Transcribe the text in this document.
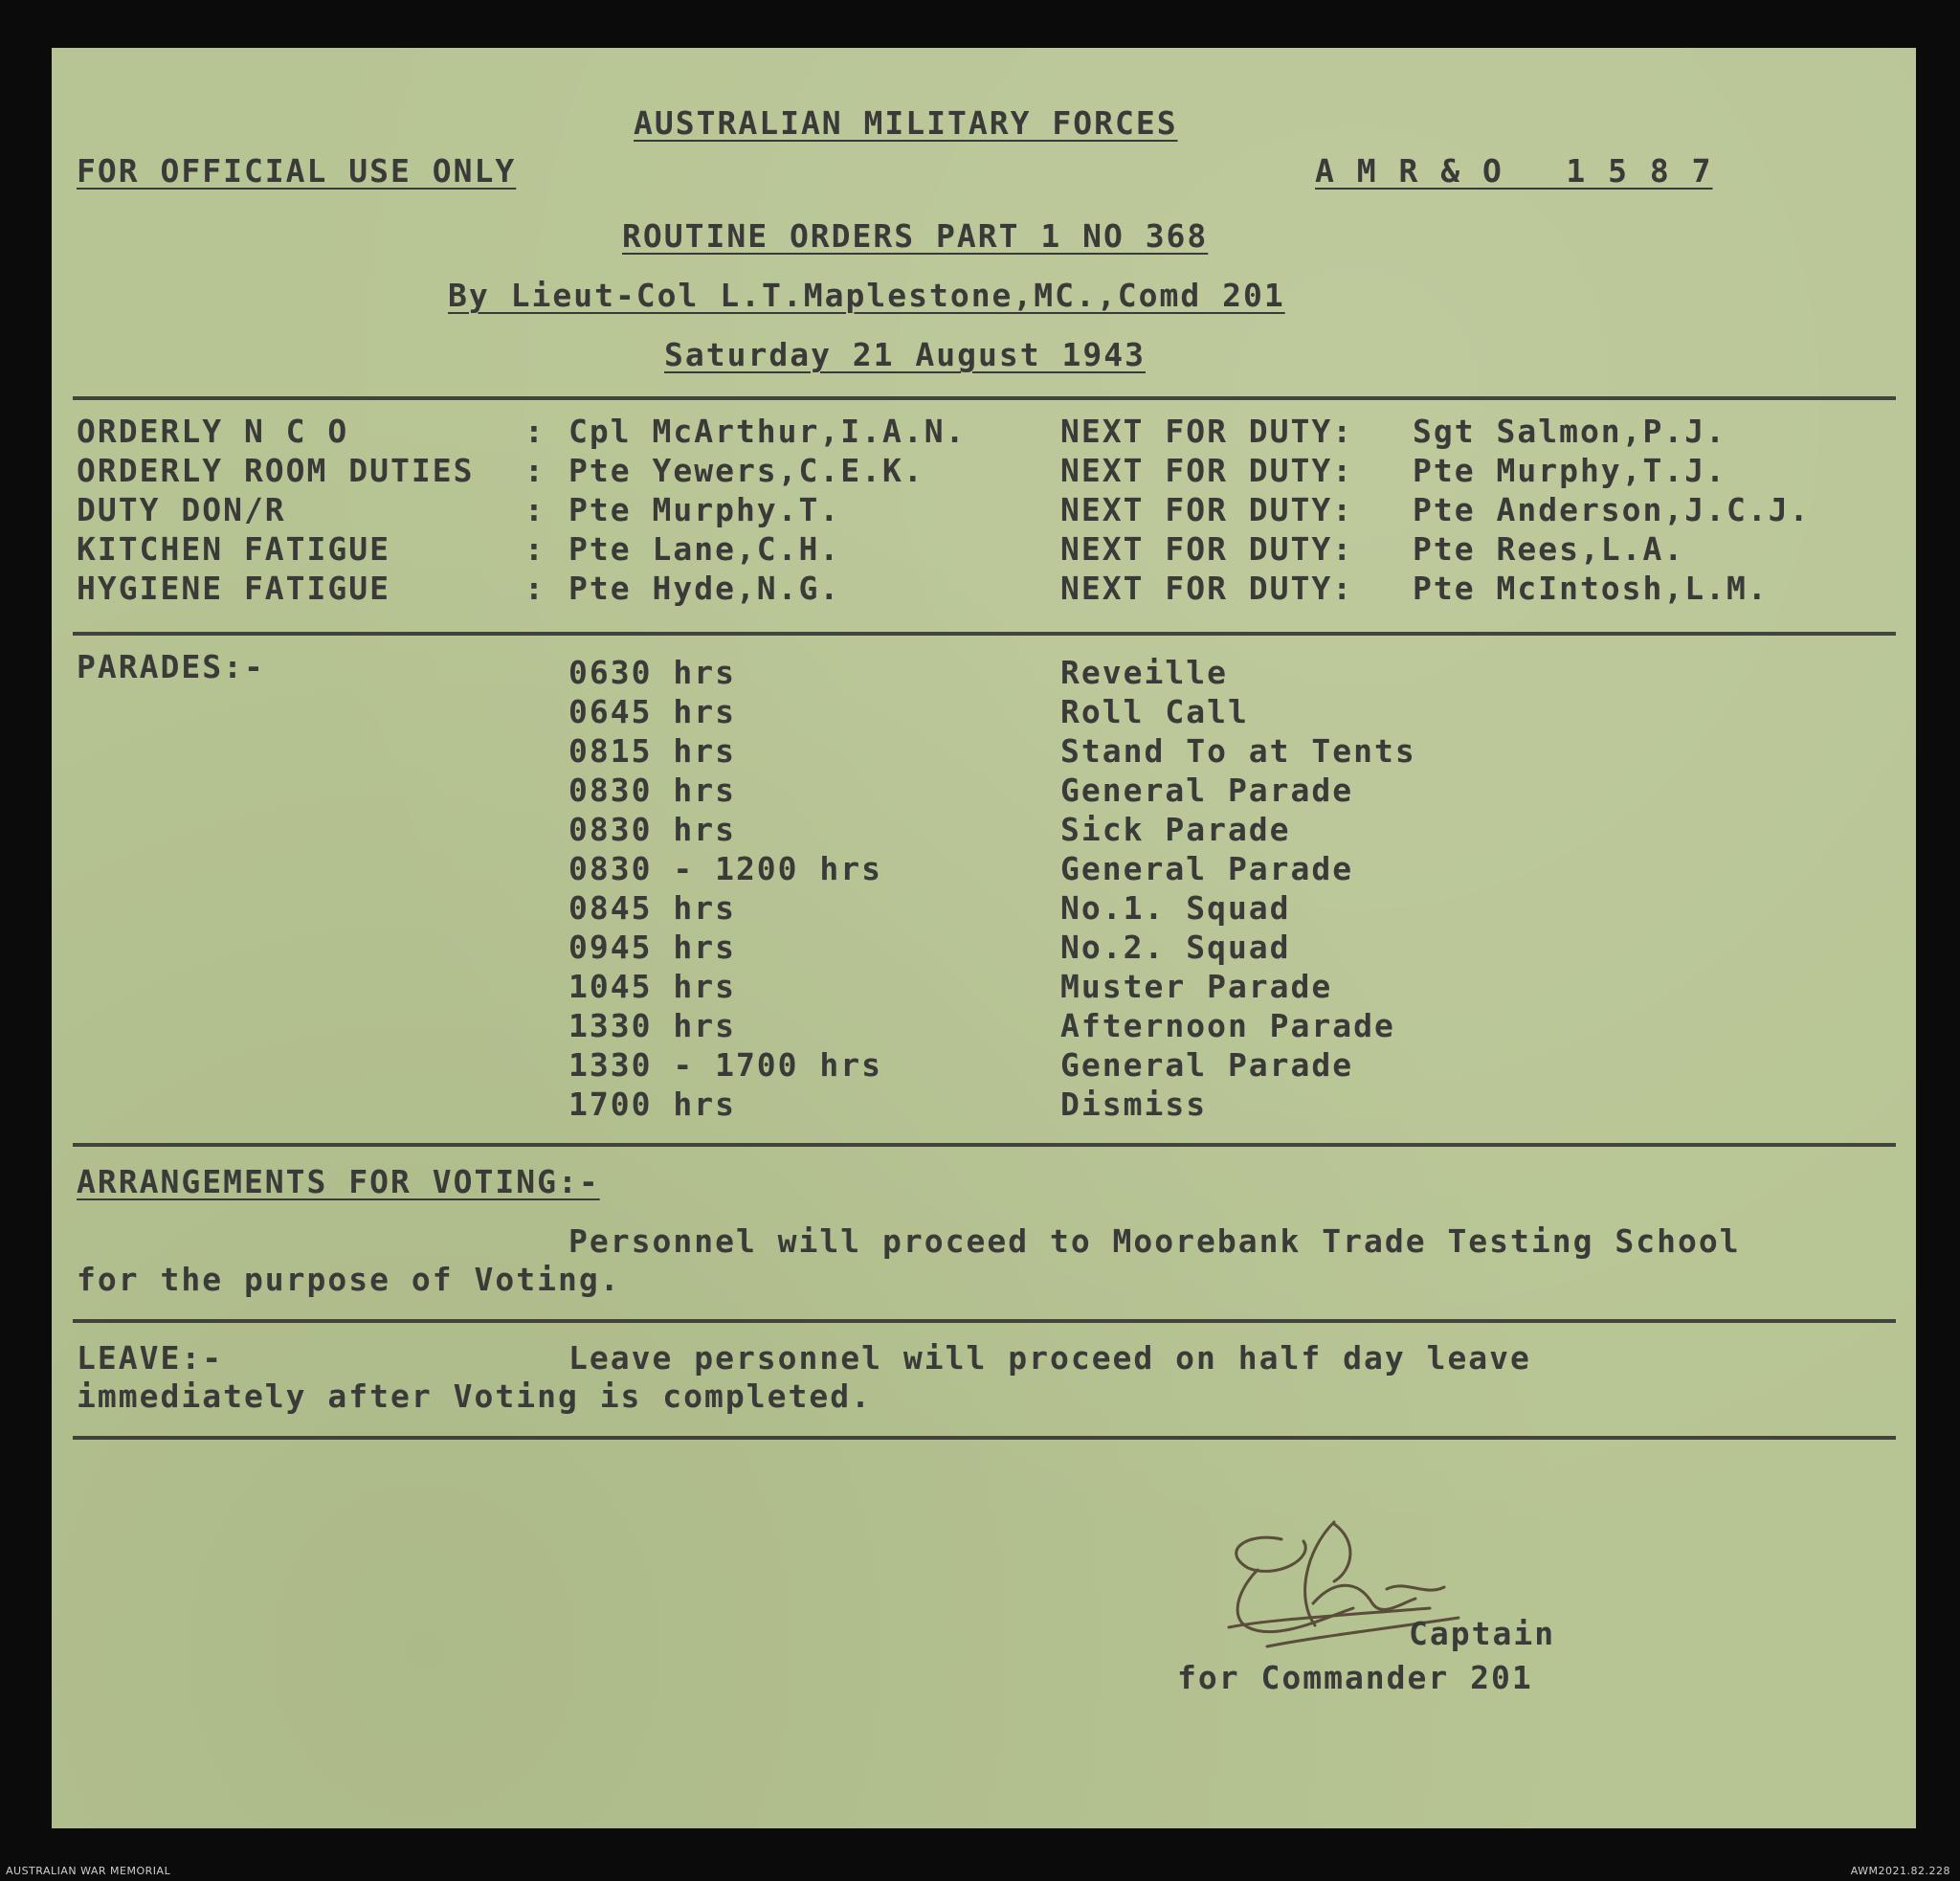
AUSTRALIAN MILITARY FORCES
FOR OFFICIAL USE ONLY	A M R & O   1 5 8 7
ROUTINE ORDERS PART 1 NO 368
By Lieut-Col L.T.Maplestone,MC.,Comd 201
Saturday 21 August 1943
ORDERLY N C O	: Cpl McArthur,I.A.N.	NEXT FOR DUTY: Sgt Salmon,P.J.
ORDERLY ROOM DUTIES : Pte Yewers,C.E.K.	NEXT FOR DUTY: Pte Murphy,T.J.
DUTY DON/R	: Pte Murphy.T.	NEXT FOR DUTY: Pte Anderson,J.C.J.
KITCHEN FATIGUE	: Pte Lane,C.H.	NEXT FOR DUTY: Pte Rees,L.A.
HYGIENE FATIGUE	: Pte Hyde,N.G.	NEXT FOR DUTY: Pte McIntosh,L.M.
PARADES:-	0630 hrs	Reveille
0645 hrs	Roll Call
0815 hrs	Stand To at Tents
0830 hrs	General Parade
0830 hrs	Sick Parade
0830 - 1200 hrs	General Parade
0845 hrs	No.1. Squad
0945 hrs	No.2. Squad
1045 hrs	Muster Parade
1330 hrs	Afternoon Parade
1330 - 1700 hrs	General Parade
1700 hrs	Dismiss
ARRANGEMENTS FOR VOTING:-
Personnel will proceed to Moorebank Trade Testing School
for the purpose of Voting.
LEAVE:-	Leave personnel will proceed on half day leave
immediately after Voting is completed.
Captain
for Commander 201
AUSTRALIAN WAR MEMORIAL	AWM2021.82.228
